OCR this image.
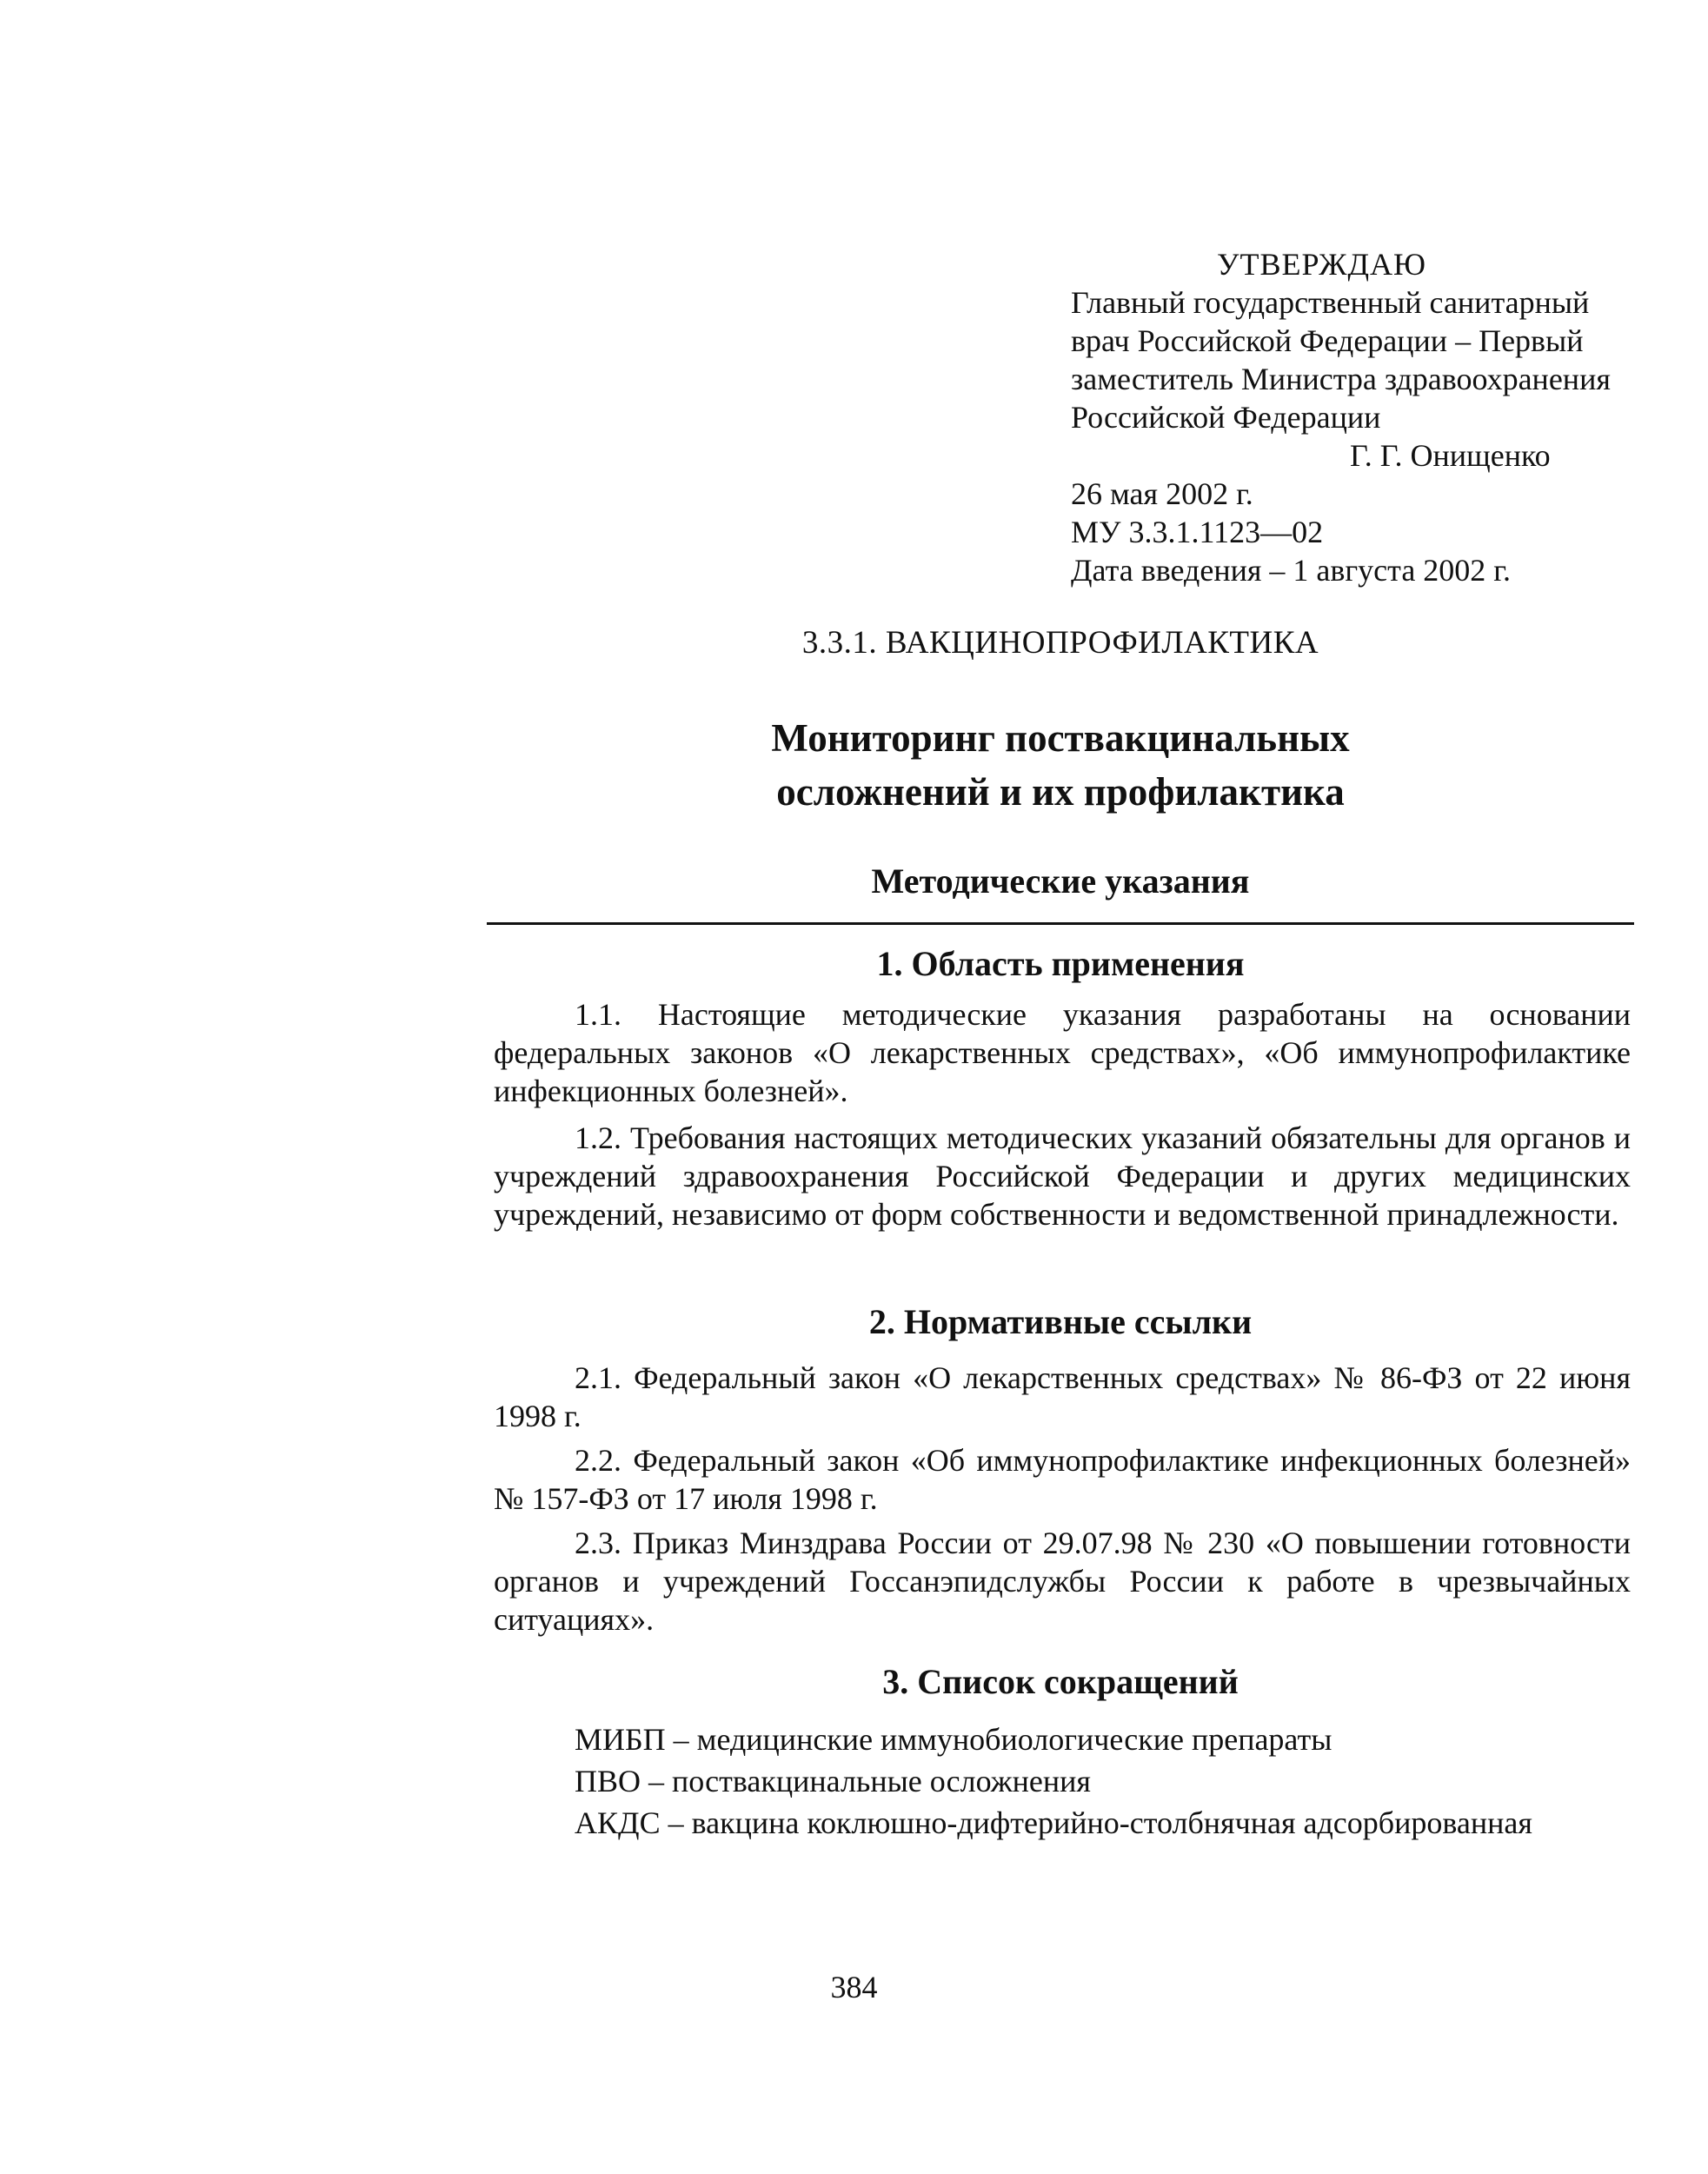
УТВЕРЖДАЮ
Главный государственный санитарный
врач Российской Федерации – Первый
заместитель Министра здравоохранения
Российской Федерации
Г. Г. Онищенко
26 мая 2002 г.
МУ 3.3.1.1123—02
Дата введения – 1 августа 2002 г.
3.3.1. ВАКЦИНОПРОФИЛАКТИКА
Мониторинг поствакцинальных
осложнений и их профилактика
Методические указания
1. Область применения
1.1. Настоящие методические указания разработаны на основании федеральных законов «О лекарственных средствах», «Об иммунопрофилактике инфекционных болезней».
1.2. Требования настоящих методических указаний обязательны для органов и учреждений здравоохранения Российской Федерации и других медицинских учреждений, независимо от форм собственности и ведомственной принадлежности.
2. Нормативные ссылки
2.1. Федеральный закон «О лекарственных средствах» № 86-ФЗ от 22 июня 1998 г.
2.2. Федеральный закон «Об иммунопрофилактике инфекционных болезней» № 157-ФЗ от 17 июля 1998 г.
2.3. Приказ Минздрава России от 29.07.98 № 230 «О повышении готовности органов и учреждений Госсанэпидслужбы России к работе в чрезвычайных ситуациях».
3. Список сокращений
МИБП – медицинские иммунобиологические препараты
ПВО – поствакцинальные осложнения
АКДС – вакцина коклюшно-дифтерийно-столбнячная адсорбированная
384
